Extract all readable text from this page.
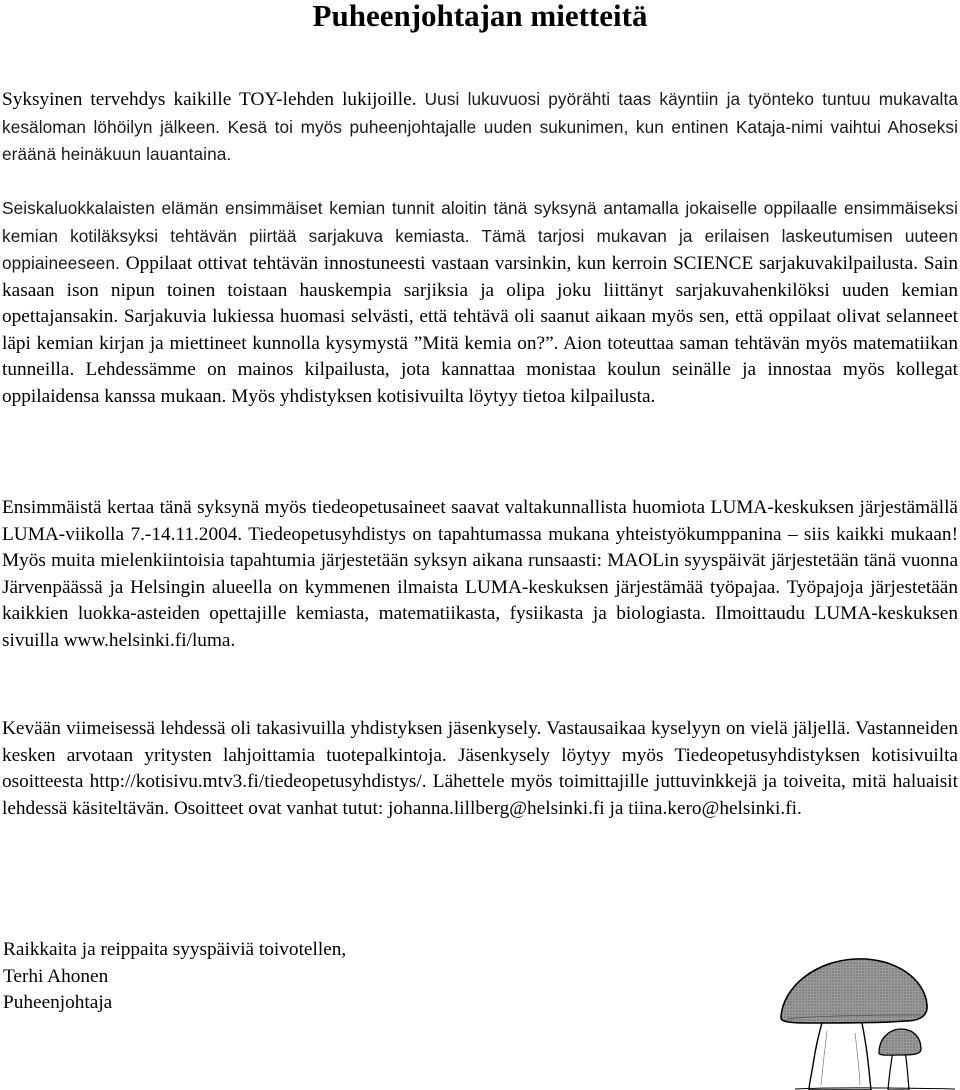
Puheenjohtajan mietteitä

Syksyinen tervehdys kaikille TOY-lehden lukijoille. Uusi lukuvuosi pyörähti taas käyntiin ja työnteko tuntuu mukavalta kesäloman löhöilyn jälkeen. Kesä toi myös puheenjohtajalle uuden sukunimen, kun entinen Kataja-nimi vaihtui Ahoseksi eräänä heinäkuun lauantaina.

Seiskaluokkalaisten elämän ensimmäiset kemian tunnit aloitin tänä syksynä antamalla jokaiselle oppilaalle ensimmäiseksi kemian kotiläksyksi tehtävän piirtää sarjakuva kemiasta. Tämä tarjosi mukavan ja erilaisen laskeutumisen uuteen oppiaineeseen. Oppilaat ottivat tehtävän innostuneesti vastaan varsinkin, kun kerroin SCIENCE sarjakuvakilpailusta. Sain kasaan ison nipun toinen toistaan hauskempia sarjiksia ja olipa joku liittänyt sarjakuvahenkilöksi uuden kemian opettajansakin. Sarjakuvia lukiessa huomasi selvästi, että tehtävä oli saanut aikaan myös sen, että oppilaat olivat selanneet läpi kemian kirjan ja miettineet kunnolla kysymystä ”Mitä kemia on?”. Aion toteuttaa saman tehtävän myös matematiikan tunneilla. Lehdessämme on mainos kilpailusta, jota kannattaa monistaa koulun seinälle ja innostaa myös kollegat oppilaidensa kanssa mukaan. Myös yhdistyksen kotisivuilta löytyy tietoa kilpailusta.

Ensimmäistä kertaa tänä syksynä myös tiedeopetusaineet saavat valtakunnallista huomiota LUMA-keskuksen järjestämällä LUMA-viikolla 7.-14.11.2004. Tiedeopetusyhdistys on tapahtumassa mukana yhteistyökumppanina – siis kaikki mukaan! Myös muita mielenkiintoisia tapahtumia järjestetään syksyn aikana runsaasti: MAOLin syyspäivät järjestetään tänä vuonna Järvenpäässä ja Helsingin alueella on kymmenen ilmaista LUMA-keskuksen järjestämää työpajaa. Työpajoja järjestetään kaikkien luokka-asteiden opettajille kemiasta, matematiikasta, fysiikasta ja biologiasta. Ilmoittaudu LUMA-keskuksen sivuilla www.helsinki.fi/luma.

Kevään viimeisessä lehdessä oli takasivuilla yhdistyksen jäsenkysely. Vastausaikaa kyselyyn on vielä jäljellä. Vastanneiden kesken arvotaan yritysten lahjoittamia tuotepalkintoja. Jäsenkysely löytyy myös Tiedeopetusyhdistyksen kotisivuilta osoitteesta http://kotisivu.mtv3.fi/tiedeopetusyhdistys/. Lähettele myös toimittajille juttuvinkkejä ja toiveita, mitä haluaisit lehdessä käsiteltävän. Osoitteet ovat vanhat tutut: johanna.lillberg@helsinki.fi ja tiina.kero@helsinki.fi.

Raikkaita ja reippaita syyspäiviä toivotellen,
Terhi Ahonen
Puheenjohtaja
